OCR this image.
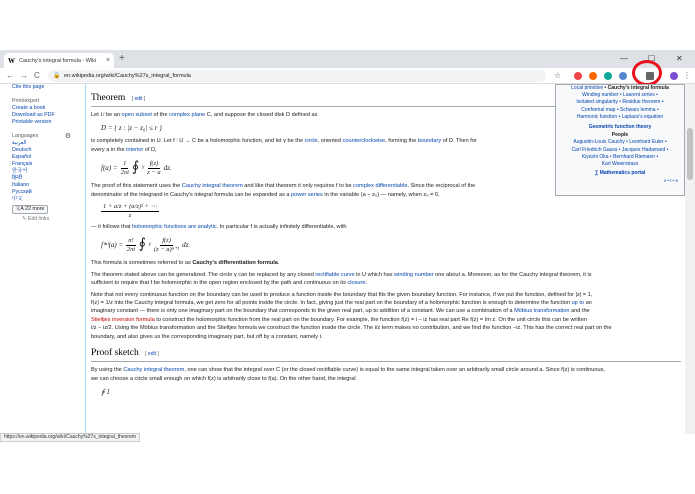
W Cauchy's integral formula - Wiki	× +	—	☐	✕
← → C 🔒 en.wikipedia.org/wiki/Cauchy%27s_integral_formula	☆	⋮
Cite this page
Print/export
Create a book
Download as PDF
Printable version
Languages	⚙
العربية
Deutsch
Español
Français
한국어
हिन्दी
Italiano
Русский
中文
文A 22 more
✎ Edit links
Theorem [ edit ]
Let U be an open subset of the complex plane C, and suppose the closed disk D defined as
D = { z : |z − z₀| ≤ r }
is completely contained in U. Let f : U → C be a holomorphic function, and let γ be the circle, oriented counterclockwise, forming the boundary of D. Then for
every a in the interior of D,
$f(a) = \frac{1}{2\pi i}$ ∮ γ $\frac{f(z)}{z - a}$ dz.
The proof of this statement uses the Cauchy integral theorem and like that theorem it only requires f to be complex differentiable. Since the reciprocal of the
denominator of the integrand in Cauchy's integral formula can be expanded as a power series in the variable (a − z₀) — namely, when z₀ = 0,
$\frac{\text{1 + a/z + (a/z)² + ⋯}}{z}$
— it follows that holomorphic functions are analytic. In particular f is actually infinitely differentiable, with
$f^{(n)}(a) = \frac{n!}{2\pi i}$ ∮ γ $\frac{f(z)}{\text{(z − a)ⁿ⁺¹}}$ dz.
This formula is sometimes referred to as Cauchy's differentiation formula.
The theorem stated above can be generalized. The circle γ can be replaced by any closed rectifiable curve in U which has winding number one about a. Moreover, as for the Cauchy integral theorem, it is
sufficient to require that f be holomorphic in the open region enclosed by the path and continuous on its closure.
Note that not every continuous function on the boundary can be used to produce a function inside the boundary that fits the given boundary function. For instance, if we put the function, defined for |z| = 1,
f(z) = 1/z into the Cauchy integral formula, we get zero for all points inside the circle. In fact, giving just the real part on the boundary of a holomorphic function is enough to determine the function up to an
imaginary constant — there is only one imaginary part on the boundary that corresponds to the given real part, up to addition of a constant. We can use a combination of a Möbius transformation and the
Stieltjes inversion formula to construct the holomorphic function from the real part on the boundary. For example, the function f(z) = i − iz has real part Re f(z) = Im z. On the unit circle this can be written
i/z − iz/2. Using the Möbius transformation and the Stieltjes formula we construct the function inside the circle. The i/z term makes no contribution, and we find the function −iz. This has the correct real part on the
boundary, and also gives us the corresponding imaginary part, but off by a constant, namely i.
Proof sketch [ edit ]
By using the Cauchy integral theorem, one can show that the integral over C (or the closed rectifiable curve) is equal to the same integral taken over an arbitrarily small circle around a. Since f(z) is continuous,
we can choose a circle small enough on which f(z) is arbitrarily close to f(a). On the other hand, the integral
∮ 1
Local primitive • Cauchy's integral formula
Winding number • Laurent series •
Isolated singularity • Residue theorem •
Conformal map • Schwarz lemma •
Harmonic function • Laplace's equation
Geometric function theory
People
Augustin-Louis Cauchy • Leonhard Euler •
Carl Friedrich Gauss • Jacques Hadamard •
Kiyoshi Oka • Bernhard Riemann •
Karl Weierstrass
∑ Mathematics portal
v • t • e
https://en.wikipedia.org/wiki/Cauchy%27s_integral_theorem
